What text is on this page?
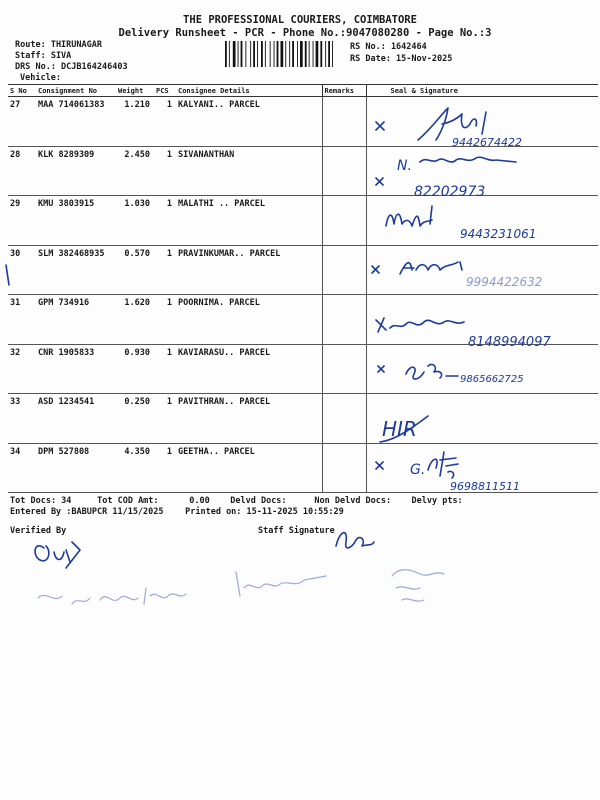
THE PROFESSIONAL COURIERS, COIMBATORE
Delivery Runsheet - PCR - Phone No.:9047080280 - Page No.:3
Route: THIRUNAGAR
Staff: SIVA
DRS No.: DCJB164246403
Vehicle:
RS No.: 1642464
RS Date: 15-Nov-2025
S No	Consignment No	Weight	PCS	Consignee Details	Remarks	Seal & Signature
27	MAA 714061383	1.210	1	KALYANI.. PARCEL		
28	KLK 8289309	2.450	1	SIVANANTHAN		
29	KMU 3803915	1.030	1	MALATHI .. PARCEL		
30	SLM 382468935	0.570	1	PRAVINKUMAR.. PARCEL		
31	GPM 734916	1.620	1	POORNIMA. PARCEL		
32	CNR 1905833	0.930	1	KAVIARASU.. PARCEL		
33	ASD 1234541	0.250	1	PAVITHRAN.. PARCEL		
34	DPM 527808	4.350	1	GEETHA.. PARCEL		
Tot Docs: 34	Tot COD Amt:      0.00 Delvd Docs:	Non Delvd Docs: Delvy pts:
Entered By :BABUPCR 11/15/2025	Printed on: 15-11-2025 10:55:29
Verified By	Staff Signature
9442674422
N.
82202973
9443231061
9994422632
8148994097
9865662725
HIR
G.
9698811511
